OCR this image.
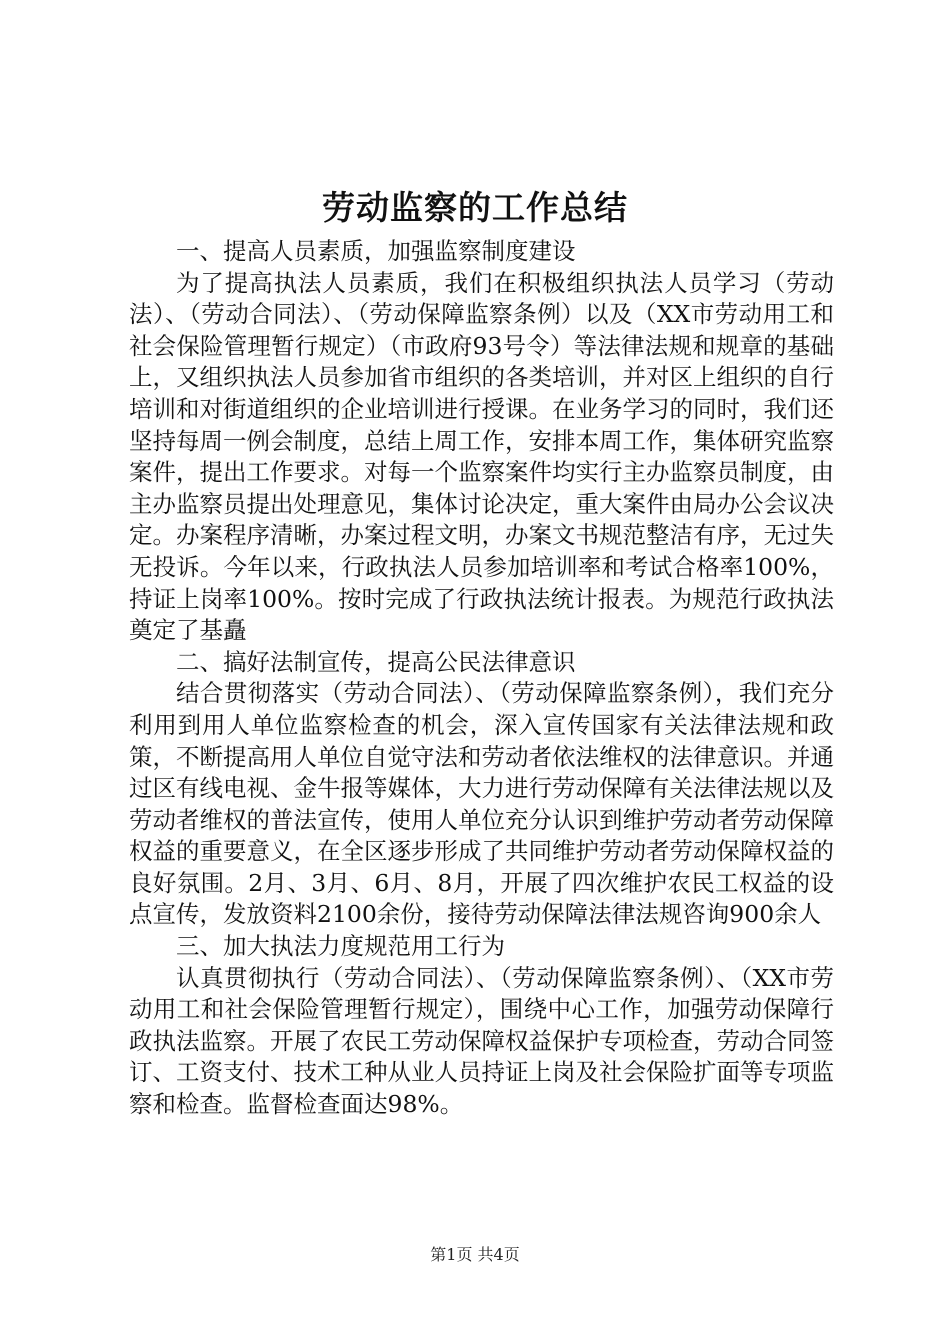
劳动监察的工作总结

一、提高人员素质，加强监察制度建设

为了提高执法人员素质，我们在积极组织执法人员学习（劳动法）、（劳动合同法）、（劳动保障监察条例）以及（XX市劳动用工和社会保险管理暂行规定）（市政府93号令）等法律法规和规章的基础上，又组织执法人员参加省市组织的各类培训，并对区上组织的自行培训和对街道组织的企业培训进行授课。在业务学习的同时，我们还坚持每周一例会制度，总结上周工作，安排本周工作，集体研究监察案件，提出工作要求。对每一个监察案件均实行主办监察员制度，由主办监察员提出处理意见，集体讨论决定，重大案件由局办公会议决定。办案程序清晰，办案过程文明，办案文书规范整洁有序，无过失无投诉。今年以来，行政执法人员参加培训率和考试合格率100%，持证上岗率100%。按时完成了行政执法统计报表。为规范行政执法奠定了基矗

二、搞好法制宣传，提高公民法律意识

结合贯彻落实（劳动合同法）、（劳动保障监察条例），我们充分利用到用人单位监察检查的机会，深入宣传国家有关法律法规和政策，不断提高用人单位自觉守法和劳动者依法维权的法律意识。并通过区有线电视、金牛报等媒体，大力进行劳动保障有关法律法规以及劳动者维权的普法宣传，使用人单位充分认识到维护劳动者劳动保障权益的重要意义，在全区逐步形成了共同维护劳动者劳动保障权益的良好氛围。2月、3月、6月、8月，开展了四次维护农民工权益的设点宣传，发放资料2100余份，接待劳动保障法律法规咨询900余人

三、加大执法力度规范用工行为

认真贯彻执行（劳动合同法）、（劳动保障监察条例）、（XX市劳动用工和社会保险管理暂行规定），围绕中心工作，加强劳动保障行政执法监察。开展了农民工劳动保障权益保护专项检查，劳动合同签订、工资支付、技术工种从业人员持证上岗及社会保险扩面等专项监察和检查。监督检查面达98%。

第1页 共4页
